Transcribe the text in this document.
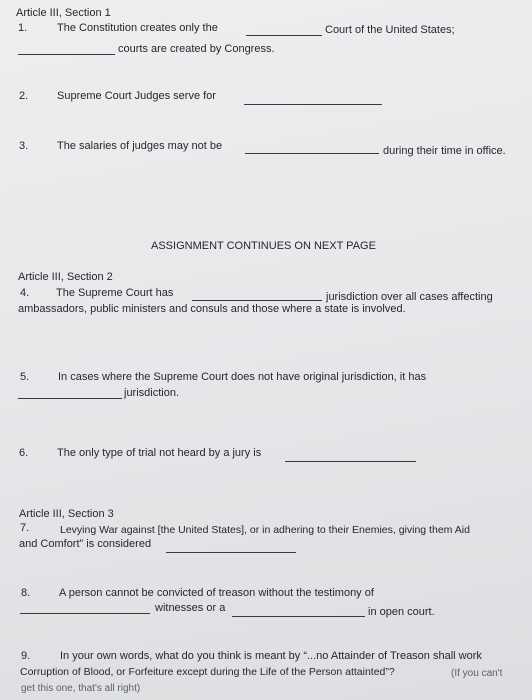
Article III, Section 1
1.	The Constitution creates only the	Court of the United States;
courts are created by Congress.
2.	Supreme Court Judges serve for
3.	The salaries of judges may not be	during their time in office.
ASSIGNMENT CONTINUES ON NEXT PAGE
Article III, Section 2
4. The Supreme Court has	jurisdiction over all cases affecting
ambassadors, public ministers and consuls and those where a state is involved.
5.	In cases where the Supreme Court does not have original jurisdiction, it has
jurisdiction.
6.	The only type of trial not heard by a jury is
Article III, Section 3
7.	Levying War against [the United States], or in adhering to their Enemies, giving them Aid
and Comfort” is considered
8.	A person cannot be convicted of treason without the testimony of
witnesses or a	in open court.
9.	In your own words, what do you think is meant by “...no Attainder of Treason shall work
Corruption of Blood, or Forfeiture except during the Life of the Person attainted”?	(If you can't
get this one, that's all right)
